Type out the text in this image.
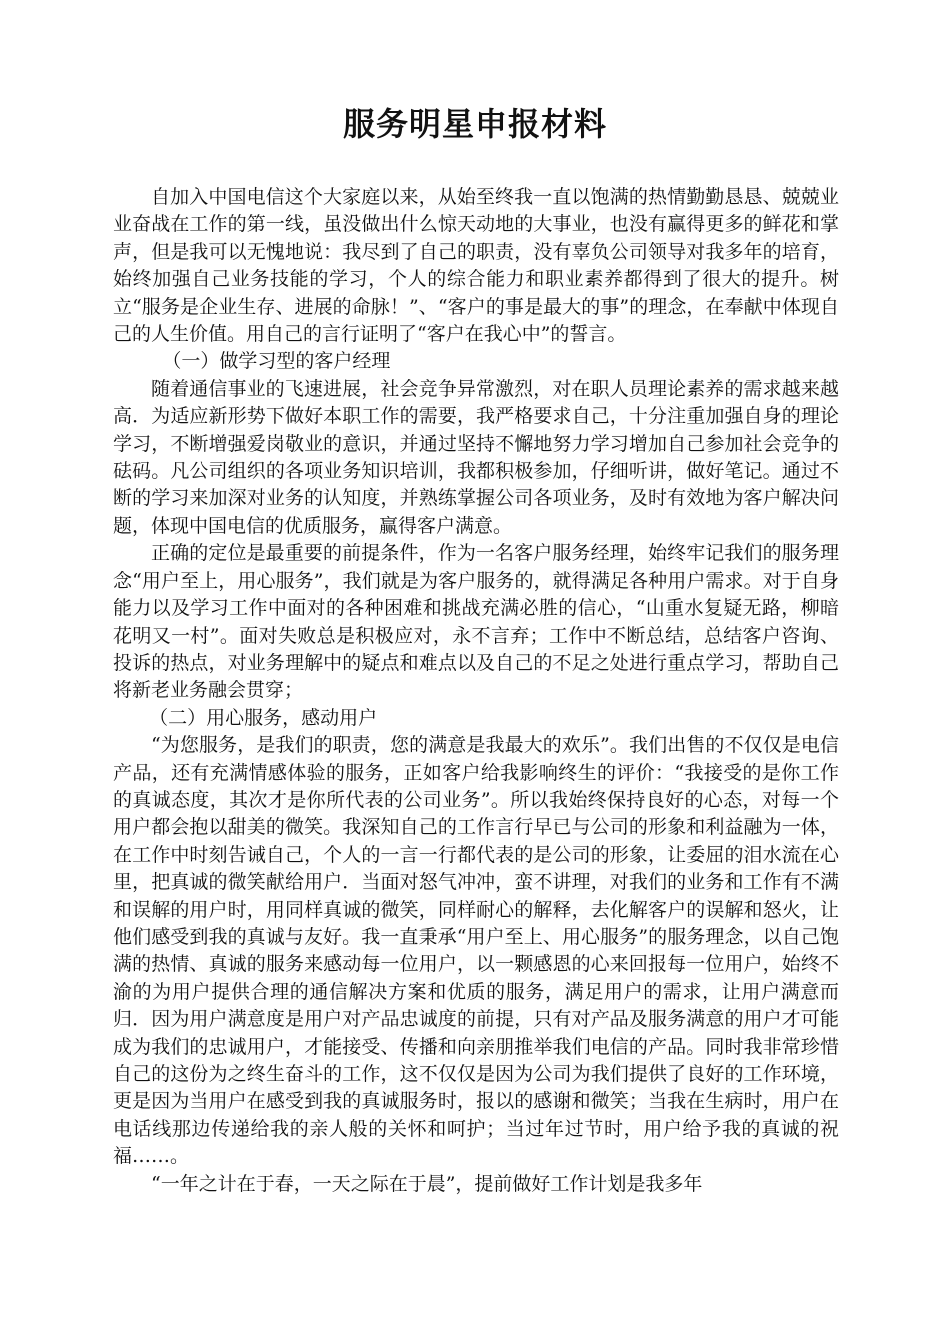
服务明星申报材料

自加入中国电信这个大家庭以来，从始至终我一直以饱满的热情勤勤恳恳、兢兢业业奋战在工作的第一线，虽没做出什么惊天动地的大事业，也没有赢得更多的鲜花和掌声，但是我可以无愧地说：我尽到了自己的职责，没有辜负公司领导对我多年的培育，始终加强自己业务技能的学习，个人的综合能力和职业素养都得到了很大的提升。树立“服务是企业生存、进展的命脉！”、“客户的事是最大的事”的理念，在奉献中体现自己的人生价值。用自己的言行证明了“客户在我心中”的誓言。

（一）做学习型的客户经理

随着通信事业的飞速进展，社会竞争异常激烈，对在职人员理论素养的需求越来越高．为适应新形势下做好本职工作的需要，我严格要求自己，十分注重加强自身的理论学习，不断增强爱岗敬业的意识，并通过坚持不懈地努力学习增加自己参加社会竞争的砝码。凡公司组织的各项业务知识培训，我都积极参加，仔细听讲，做好笔记。通过不断的学习来加深对业务的认知度，并熟练掌握公司各项业务，及时有效地为客户解决问题，体现中国电信的优质服务，赢得客户满意。

正确的定位是最重要的前提条件，作为一名客户服务经理，始终牢记我们的服务理念“用户至上，用心服务”，我们就是为客户服务的，就得满足各种用户需求。对于自身能力以及学习工作中面对的各种困难和挑战充满必胜的信心，“山重水复疑无路，柳暗花明又一村”。面对失败总是积极应对，永不言弃；工作中不断总结，总结客户咨询、投诉的热点，对业务理解中的疑点和难点以及自己的不足之处进行重点学习，帮助自己将新老业务融会贯穿；

（二）用心服务，感动用户

“为您服务，是我们的职责，您的满意是我最大的欢乐”。我们出售的不仅仅是电信产品，还有充满情感体验的服务，正如客户给我影响终生的评价：“我接受的是你工作的真诚态度，其次才是你所代表的公司业务”。所以我始终保持良好的心态，对每一个用户都会抱以甜美的微笑。我深知自己的工作言行早已与公司的形象和利益融为一体，在工作中时刻告诫自己，个人的一言一行都代表的是公司的形象，让委屈的泪水流在心里，把真诚的微笑献给用户．当面对怒气冲冲，蛮不讲理，对我们的业务和工作有不满和误解的用户时，用同样真诚的微笑，同样耐心的解释，去化解客户的误解和怒火，让他们感受到我的真诚与友好。我一直秉承“用户至上、用心服务”的服务理念，以自己饱满的热情、真诚的服务来感动每一位用户，以一颗感恩的心来回报每一位用户，始终不渝的为用户提供合理的通信解决方案和优质的服务，满足用户的需求，让用户满意而归．因为用户满意度是用户对产品忠诚度的前提，只有对产品及服务满意的用户才可能成为我们的忠诚用户，才能接受、传播和向亲朋推举我们电信的产品。同时我非常珍惜自己的这份为之终生奋斗的工作，这不仅仅是因为公司为我们提供了良好的工作环境，更是因为当用户在感受到我的真诚服务时，报以的感谢和微笑；当我在生病时，用户在电话线那边传递给我的亲人般的关怀和呵护；当过年过节时，用户给予我的真诚的祝福……。

“一年之计在于春，一天之际在于晨”，提前做好工作计划是我多年
